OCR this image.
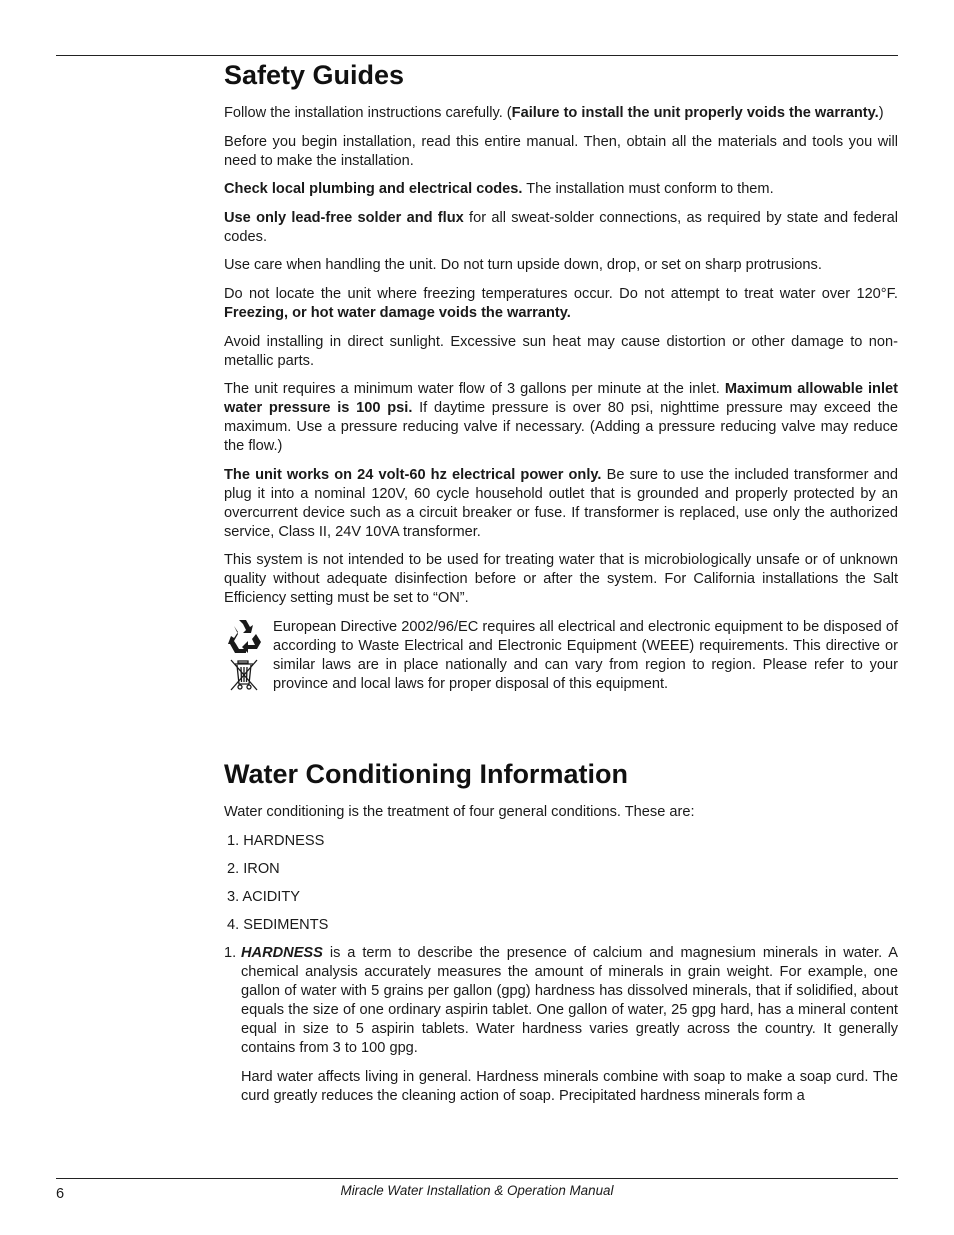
Safety Guides

Follow the installation instructions carefully. (Failure to install the unit properly voids the warranty.)

Before you begin installation, read this entire manual. Then, obtain all the materials and tools you will need to make the installation.

Check local plumbing and electrical codes. The installation must conform to them.

Use only lead-free solder and flux for all sweat-solder connections, as required by state and federal codes.

Use care when handling the unit. Do not turn upside down, drop, or set on sharp protrusions.

Do not locate the unit where freezing temperatures occur. Do not attempt to treat water over 120°F. Freezing, or hot water damage voids the warranty.

Avoid installing in direct sunlight. Excessive sun heat may cause distortion or other damage to non-metallic parts.

The unit requires a minimum water flow of 3 gallons per minute at the inlet. Maximum allowable inlet water pressure is 100 psi. If daytime pressure is over 80 psi, nighttime pressure may exceed the maximum. Use a pressure reducing valve if necessary. (Adding a pressure reducing valve may reduce the flow.)

The unit works on 24 volt-60 hz electrical power only. Be sure to use the included transformer and plug it into a nominal 120V, 60 cycle household outlet that is grounded and properly protected by an overcurrent device such as a circuit breaker or fuse. If transformer is replaced, use only the authorized service, Class II, 24V 10VA transformer.

This system is not intended to be used for treating water that is microbiologically unsafe or of unknown quality without adequate disinfection before or after the system. For California installations the Salt Efficiency setting must be set to “ON”.

European Directive 2002/96/EC requires all electrical and electronic equipment to be disposed of according to Waste Electrical and Electronic Equipment (WEEE) requirements. This directive or similar laws are in place nationally and can vary from region to region. Please refer to your province and local laws for proper disposal of this equipment.

Water Conditioning Information

Water conditioning is the treatment of four general conditions. These are:

1. HARDNESS
2. IRON
3. ACIDITY
4. SEDIMENTS
1. HARDNESS is a term to describe the presence of calcium and magnesium minerals in water. A chemical analysis accurately measures the amount of minerals in grain weight. For example, one gallon of water with 5 grains per gallon (gpg) hardness has dissolved minerals, that if solidified, about equals the size of one ordinary aspirin tablet. One gallon of water, 25 gpg hard, has a mineral content equal in size to 5 aspirin tablets. Water hardness varies greatly across the country. It generally contains from 3 to 100 gpg.

Hard water affects living in general. Hardness minerals combine with soap to make a soap curd. The curd greatly reduces the cleaning action of soap. Precipitated hardness minerals form a

6	Miracle Water Installation & Operation Manual
